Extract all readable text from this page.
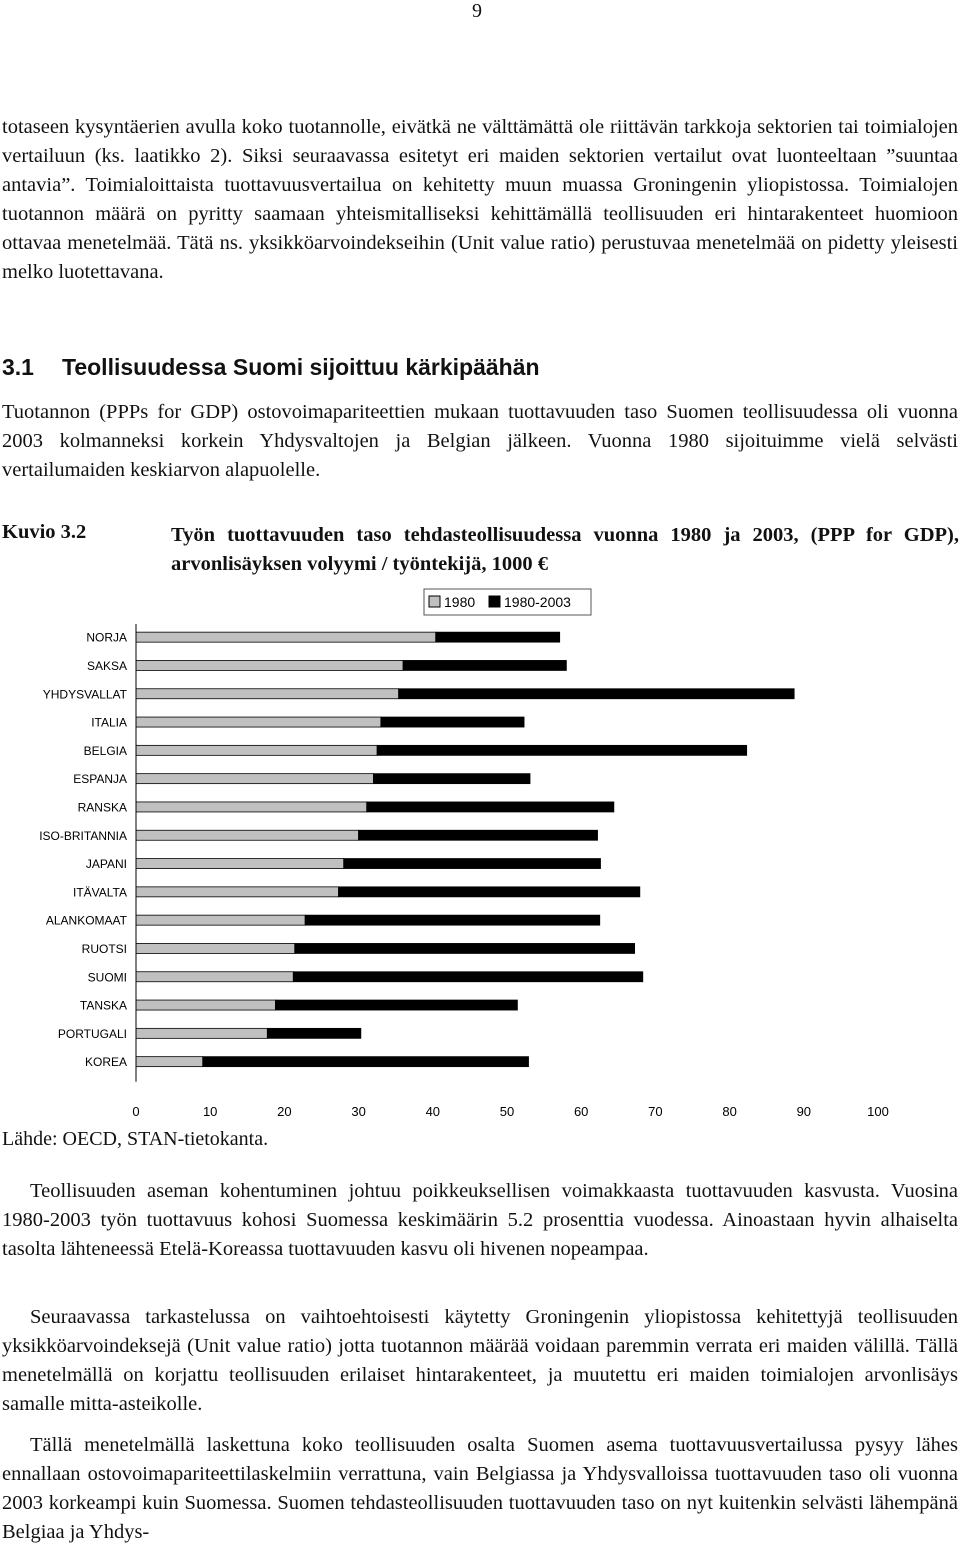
9

totaseen kysyntäerien avulla koko tuotannolle, eivätkä ne välttämättä ole riittävän tarkkoja sektorien tai toimialojen vertailuun (ks. laatikko 2). Siksi seuraavassa esitetyt eri maiden sektorien vertailut ovat luonteeltaan ”suuntaa antavia”. Toimialoittaista tuottavuusvertailua on kehitetty muun muassa Groningenin yliopistossa. Toimialojen tuotannon määrä on pyritty saamaan yhteismitalliseksi kehittämällä teollisuuden eri hintarakenteet huomioon ottavaa menetelmää. Tätä ns. yksikköarvoindekseihin (Unit value ratio) perustuvaa menetelmää on pidetty yleisesti melko luotettavana.

3.1 Teollisuudessa Suomi sijoittuu kärkipäähän

Tuotannon (PPPs for GDP) ostovoimapariteettien mukaan tuottavuuden taso Suomen teollisuudessa oli vuonna 2003 kolmanneksi korkein Yhdysvaltojen ja Belgian jälkeen. Vuonna 1980 sijoituimme vielä selvästi vertailumaiden keskiarvon alapuolelle.

Kuvio 3.2	Työn tuottavuuden taso tehdasteollisuudessa vuonna 1980 ja 2003, (PPP for GDP), arvonlisäyksen volyymi / työntekijä, 1000 €
1980 1980-2003
NORJA
SAKSA
YHDYSVALLAT
ITALIA
BELGIA
ESPANJA
RANSKA
ISO-BRITANNIA
JAPANI
ITÄVALTA
ALANKOMAAT
RUOTSI
SUOMI
TANSKA
PORTUGALI
KOREA
0	10	20	30	40	50	60	70	80	90	100
Lähde: OECD, STAN-tietokanta.

Teollisuuden aseman kohentuminen johtuu poikkeuksellisen voimakkaasta tuottavuuden kasvusta. Vuosina 1980-2003 työn tuottavuus kohosi Suomessa keskimäärin 5.2 prosenttia vuodessa. Ainoastaan hyvin alhaiselta tasolta lähteneessä Etelä-Koreassa tuottavuuden kasvu oli hivenen nopeampaa.

Seuraavassa tarkastelussa on vaihtoehtoisesti käytetty Groningenin yliopistossa kehitettyjä teollisuuden yksikköarvoindeksejä (Unit value ratio) jotta tuotannon määrää voidaan paremmin verrata eri maiden välillä. Tällä menetelmällä on korjattu teollisuuden erilaiset hintarakenteet, ja muutettu eri maiden toimialojen arvonlisäys samalle mitta-asteikolle.

Tällä menetelmällä laskettuna koko teollisuuden osalta Suomen asema tuottavuusvertailussa pysyy lähes ennallaan ostovoimapariteettilaskelmiin verrattuna, vain Belgiassa ja Yhdysvalloissa tuottavuuden taso oli vuonna 2003 korkeampi kuin Suomessa. Suomen tehdasteollisuuden tuottavuuden taso on nyt kuitenkin selvästi lähempänä Belgiaa ja Yhdys-
